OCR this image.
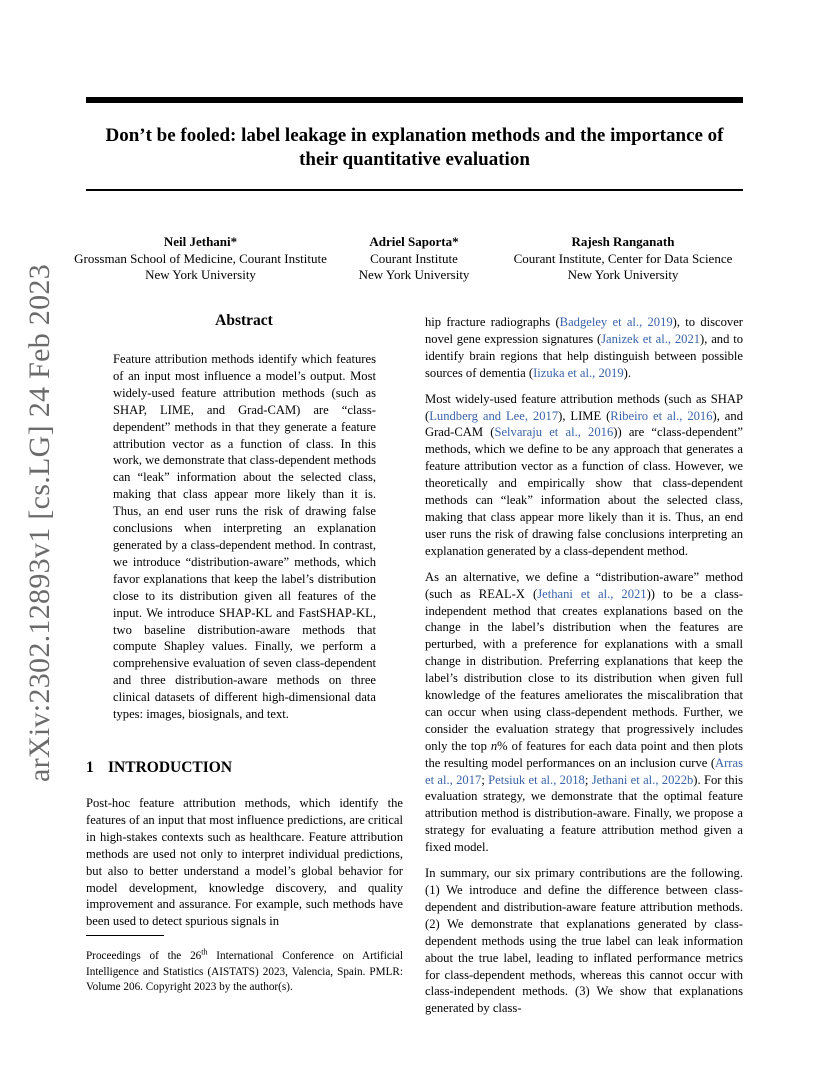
Don’t be fooled: label leakage in explanation methods and the importance of
their quantitative evaluation
Neil Jethani*
Grossman School of Medicine, Courant Institute
New York University
Adriel Saporta*
Courant Institute
New York University
Rajesh Ranganath
Courant Institute, Center for Data Science
New York University
arXiv:2302.12893v1 [cs.LG] 24 Feb 2023	Abstract

Feature attribution methods identify which features of an input most influence a model’s output. Most widely-used feature attribution methods (such as SHAP, LIME, and Grad-CAM) are “class-dependent” methods in that they generate a feature attribution vector as a function of class. In this work, we demonstrate that class-dependent methods can “leak” information about the selected class, making that class appear more likely than it is. Thus, an end user runs the risk of drawing false conclusions when interpreting an explanation generated by a class-dependent method. In contrast, we introduce “distribution-aware” methods, which favor explanations that keep the label’s distribution close to its distribution given all features of the input. We introduce SHAP-KL and FastSHAP-KL, two baseline distribution-aware methods that compute Shapley values. Finally, we perform a comprehensive evaluation of seven class-dependent and three distribution-aware methods on three clinical datasets of different high-dimensional data types: images, biosignals, and text.

1 INTRODUCTION

Post-hoc feature attribution methods, which identify the features of an input that most influence predictions, are critical in high-stakes contexts such as healthcare. Feature attribution methods are used not only to interpret individual predictions, but also to better understand a model’s global behavior for model development, knowledge discovery, and quality improvement and assurance. For example, such methods have been used to detect spurious signals in

Proceedings of the 26th International Conference on Artificial Intelligence and Statistics (AISTATS) 2023, Valencia, Spain. PMLR: Volume 206. Copyright 2023 by the author(s).

hip fracture radiographs (Badgeley et al., 2019), to discover novel gene expression signatures (Janizek et al., 2021), and to identify brain regions that help distinguish between possible sources of dementia (Iizuka et al., 2019).

Most widely-used feature attribution methods (such as SHAP (Lundberg and Lee, 2017), LIME (Ribeiro et al., 2016), and Grad-CAM (Selvaraju et al., 2016)) are “class-dependent” methods, which we define to be any approach that generates a feature attribution vector as a function of class. However, we theoretically and empirically show that class-dependent methods can “leak” information about the selected class, making that class appear more likely than it is. Thus, an end user runs the risk of drawing false conclusions interpreting an explanation generated by a class-dependent method.

As an alternative, we define a “distribution-aware” method (such as REAL-X (Jethani et al., 2021)) to be a class-independent method that creates explanations based on the change in the label’s distribution when the features are perturbed, with a preference for explanations with a small change in distribution. Preferring explanations that keep the label’s distribution close to its distribution when given full knowledge of the features ameliorates the miscalibration that can occur when using class-dependent methods. Further, we consider the evaluation strategy that progressively includes only the top n% of features for each data point and then plots the resulting model performances on an inclusion curve (Arras et al., 2017; Petsiuk et al., 2018; Jethani et al., 2022b). For this evaluation strategy, we demonstrate that the optimal feature attribution method is distribution-aware. Finally, we propose a strategy for evaluating a feature attribution method given a fixed model.

In summary, our six primary contributions are the following. (1) We introduce and define the difference between class-dependent and distribution-aware feature attribution methods. (2) We demonstrate that explanations generated by class-dependent methods using the true label can leak information about the true label, leading to inflated performance metrics for class-dependent methods, whereas this cannot occur with class-independent methods. (3) We show that explanations generated by class-
